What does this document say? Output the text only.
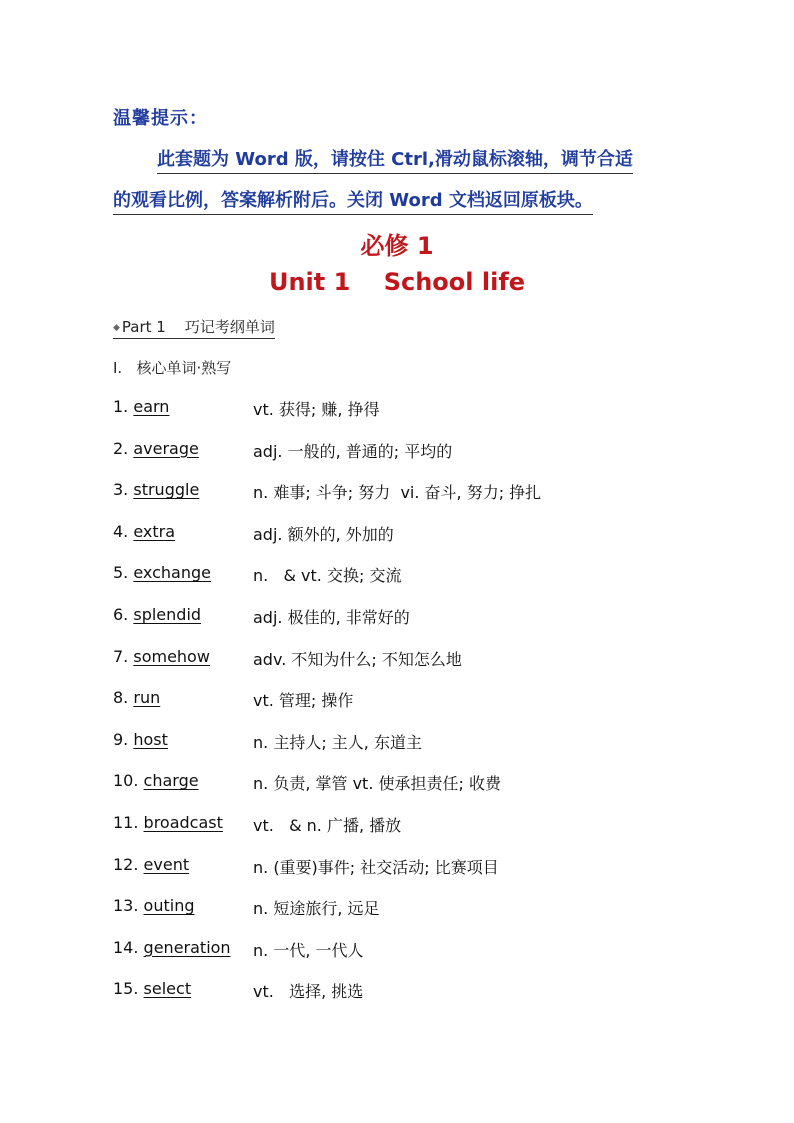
温馨提示：
此套题为 Word 版，请按住 Ctrl,滑动鼠标滚轴，调节合适
的观看比例，答案解析附后。关闭 Word 文档返回原板块。
必修 1
Unit 1    School life
◆ Part 1    巧记考纲单词
Ⅰ.   核心单词·熟写
1. earn	vt. 获得; 赚, 挣得
2. average	adj. 一般的, 普通的; 平均的
3. struggle	n. 难事; 斗争; 努力  vi. 奋斗, 努力; 挣扎
4. extra	adj. 额外的, 外加的
5. exchange	n.   & vt. 交换; 交流
6. splendid	adj. 极佳的, 非常好的
7. somehow	adv. 不知为什么; 不知怎么地
8. run	vt. 管理; 操作
9. host	n. 主持人; 主人, 东道主
10. charge	n. 负责, 掌管 vt. 使承担责任; 收费
11. broadcast vt.   & n. 广播, 播放
12. event	n. (重要)事件; 社交活动; 比赛项目
13. outing	n. 短途旅行, 远足
14. generation n. 一代, 一代人
15. select	vt.   选择, 挑选
